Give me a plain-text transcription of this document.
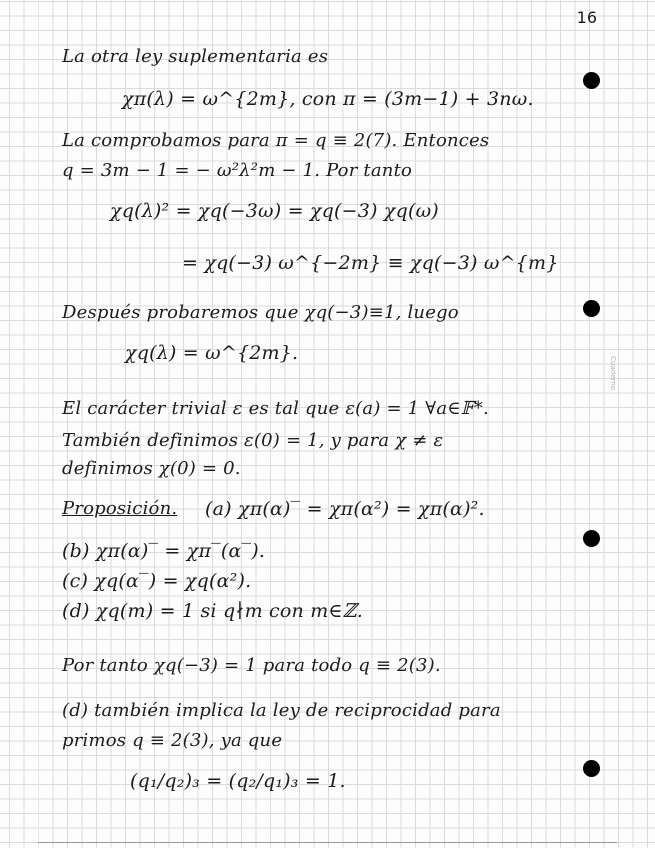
16
Cuaderno
La otra ley suplementaria es
χπ(λ) = ω^{2m}, con π = (3m−1) + 3nω.
La comprobamos para π = q ≡ 2(7). Entonces
q = 3m − 1 = − ω²λ²m − 1. Por tanto
χq(λ)² = χq(−3ω) = χq(−3) χq(ω)
= χq(−3) ω^{−2m} ≡ χq(−3) ω^{m}
Después probaremos que χq(−3)≡1, luego
χq(λ) = ω^{2m}.
El carácter trivial ε es tal que ε(a) = 1 ∀a∈𝔽*.
También definimos ε(0) = 1, y para χ ≠ ε
definimos χ(0) = 0.
Proposición. (a) χπ(α)‾ = χπ(α²) = χπ(α)².
(b) χπ(α)‾ = χπ‾(α‾).
(c) χq(α‾) = χq(α²).
(d) χq(m) = 1 si q∤m con m∈ℤ.
Por tanto χq(−3) = 1 para todo q ≡ 2(3).
(d) también implica la ley de reciprocidad para
primos q ≡ 2(3), ya que
(q₁/q₂)₃ = (q₂/q₁)₃ = 1.
